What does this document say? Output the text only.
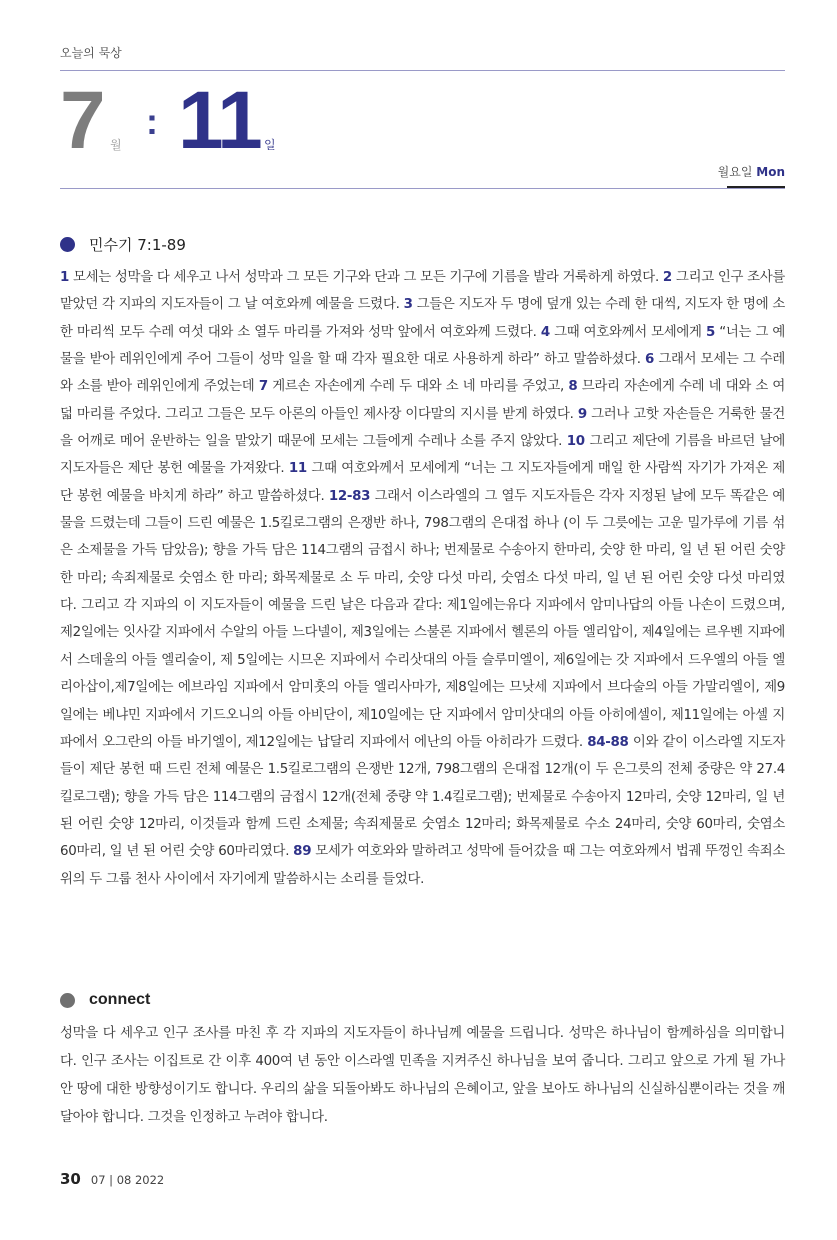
오늘의 묵상
7 월
: 11 일
월요일 Mon
민수기 7:1-89
1 모세는 성막을 다 세우고 나서 성막과 그 모든 기구와 단과 그 모든 기구에 기름을 발라 거룩하게 하였다. 2 그리고 인구 조사를 맡았던 각 지파의 지도자들이 그 날 여호와께 예물을 드렸다. 3 그들은 지도자 두 명에 덮개 있는 수레 한 대씩, 지도자 한 명에 소 한 마리씩 모두 수레 여섯 대와 소 열두 마리를 가져와 성막 앞에서 여호와께 드렸다. 4 그때 여호와께서 모세에게 5 “너는 그 예물을 받아 레위인에게 주어 그들이 성막 일을 할 때 각자 필요한 대로 사용하게 하라” 하고 말씀하셨다. 6 그래서 모세는 그 수레와 소를 받아 레위인에게 주었는데 7 게르손 자손에게 수레 두 대와 소 네 마리를 주었고, 8 므라리 자손에게 수레 네 대와 소 여덟 마리를 주었다. 그리고 그들은 모두 아론의 아들인 제사장 이다말의 지시를 받게 하였다. 9 그러나 고핫 자손들은 거룩한 물건을 어깨로 메어 운반하는 일을 맡았기 때문에 모세는 그들에게 수레나 소를 주지 않았다. 10 그리고 제단에 기름을 바르던 날에 지도자들은 제단 봉헌 예물을 가져왔다. 11 그때 여호와께서 모세에게 “너는 그 지도자들에게 매일 한 사람씩 자기가 가져온 제단 봉헌 예물을 바치게 하라” 하고 말씀하셨다. 12-83 그래서 이스라엘의 그 열두 지도자들은 각자 지정된 날에 모두 똑같은 예물을 드렸는데 그들이 드린 예물은 1.5킬로그램의 은쟁반 하나, 798그램의 은대접 하나 (이 두 그릇에는 고운 밀가루에 기름 섞은 소제물을 가득 담았음); 향을 가득 담은 114그램의 금접시 하나; 번제물로 수송아지 한마리, 숫양 한 마리, 일 년 된 어린 숫양 한 마리; 속죄제물로 숫염소 한 마리; 화목제물로 소 두 마리, 숫양 다섯 마리, 숫염소 다섯 마리, 일 년 된 어린 숫양 다섯 마리였다. 그리고 각 지파의 이 지도자들이 예물을 드린 날은 다음과 같다: 제1일에는유다 지파에서 암미나답의 아들 나손이 드렸으며, 제2일에는 잇사갈 지파에서 수알의 아들 느다넬이, 제3일에는 스불론 지파에서 헬론의 아들 엘리압이, 제4일에는 르우벤 지파에서 스데울의 아들 엘리술이, 제 5일에는 시므온 지파에서 수리삿대의 아들 슬루미엘이, 제6일에는 갓 지파에서 드우엘의 아들 엘리아삽이,제7일에는 에브라임 지파에서 암미훗의 아들 엘리사마가, 제8일에는 므낫세 지파에서 브다술의 아들 가말리엘이, 제9일에는 베냐민 지파에서 기드오니의 아들 아비단이, 제10일에는 단 지파에서 암미삿대의 아들 아히에셀이, 제11일에는 아셀 지파에서 오그란의 아들 바기엘이, 제12일에는 납달리 지파에서 에난의 아들 아히라가 드렸다. 84-88 이와 같이 이스라엘 지도자들이 제단 봉헌 때 드린 전체 예물은 1.5킬로그램의 은쟁반 12개, 798그램의 은대접 12개(이 두 은그릇의 전체 중량은 약 27.4킬로그램); 향을 가득 담은 114그램의 금접시 12개(전체 중량 약 1.4킬로그램); 번제물로 수송아지 12마리, 숫양 12마리, 일 년 된 어린 숫양 12마리, 이것들과 함께 드린 소제물; 속죄제물로 숫염소 12마리; 화목제물로 수소 24마리, 숫양 60마리, 숫염소 60마리, 일 년 된 어린 숫양 60마리였다. 89 모세가 여호와와 말하려고 성막에 들어갔을 때 그는 여호와께서 법궤 뚜껑인 속죄소 위의 두 그룹 천사 사이에서 자기에게 말씀하시는 소리를 들었다.
connect
성막을 다 세우고 인구 조사를 마친 후 각 지파의 지도자들이 하나님께 예물을 드립니다. 성막은 하나님이 함께하심을 의미합니다. 인구 조사는 이집트로 간 이후 400여 년 동안 이스라엘 민족을 지켜주신 하나님을 보여 줍니다. 그리고 앞으로 가게 될 가나안 땅에 대한 방향성이기도 합니다. 우리의 삶을 되돌아봐도 하나님의 은혜이고, 앞을 보아도 하나님의 신실하심뿐이라는 것을 깨달아야 합니다. 그것을 인정하고 누려야 합니다.
30 07 | 08 2022
